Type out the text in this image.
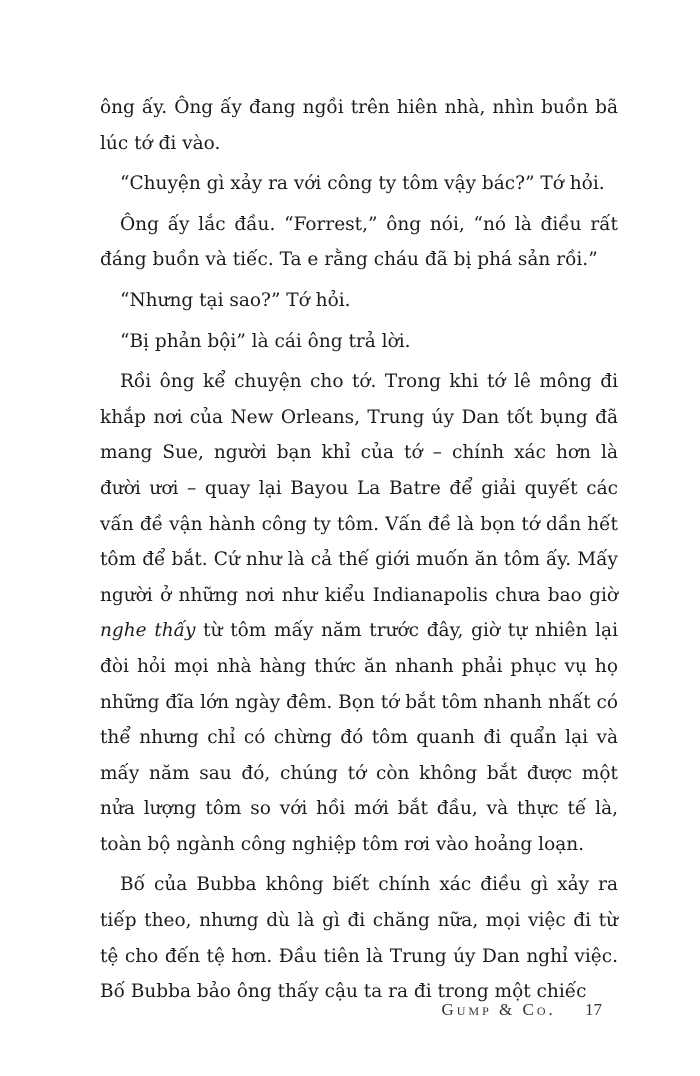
ông ấy. Ông ấy đang ngồi trên hiên nhà, nhìn buồn bã lúc tớ đi vào.

“Chuyện gì xảy ra với công ty tôm vậy bác?” Tớ hỏi.

Ông ấy lắc đầu. “Forrest,” ông nói, “nó là điều rất đáng buồn và tiếc. Ta e rằng cháu đã bị phá sản rồi.”

“Nhưng tại sao?” Tớ hỏi.

“Bị phản bội” là cái ông trả lời.

Rồi ông kể chuyện cho tớ. Trong khi tớ lê mông đi khắp nơi của New Orleans, Trung úy Dan tốt bụng đã mang Sue, người bạn khỉ của tớ – chính xác hơn là đười ươi – quay lại Bayou La Batre để giải quyết các vấn đề vận hành công ty tôm. Vấn đề là bọn tớ dần hết tôm để bắt. Cứ như là cả thế giới muốn ăn tôm ấy. Mấy người ở những nơi như kiểu Indianapolis chưa bao giờ nghe thấy từ tôm mấy năm trước đây, giờ tự nhiên lại đòi hỏi mọi nhà hàng thức ăn nhanh phải phục vụ họ những đĩa lớn ngày đêm. Bọn tớ bắt tôm nhanh nhất có thể nhưng chỉ có chừng đó tôm quanh đi quẩn lại và mấy năm sau đó, chúng tớ còn không bắt được một nửa lượng tôm so với hồi mới bắt đầu, và thực tế là, toàn bộ ngành công nghiệp tôm rơi vào hoảng loạn.

Bố của Bubba không biết chính xác điều gì xảy ra tiếp theo, nhưng dù là gì đi chăng nữa, mọi việc đi từ tệ cho đến tệ hơn. Đầu tiên là Trung úy Dan nghỉ việc. Bố Bubba bảo ông thấy cậu ta ra đi trong một chiếc

Gump & Co. 17
